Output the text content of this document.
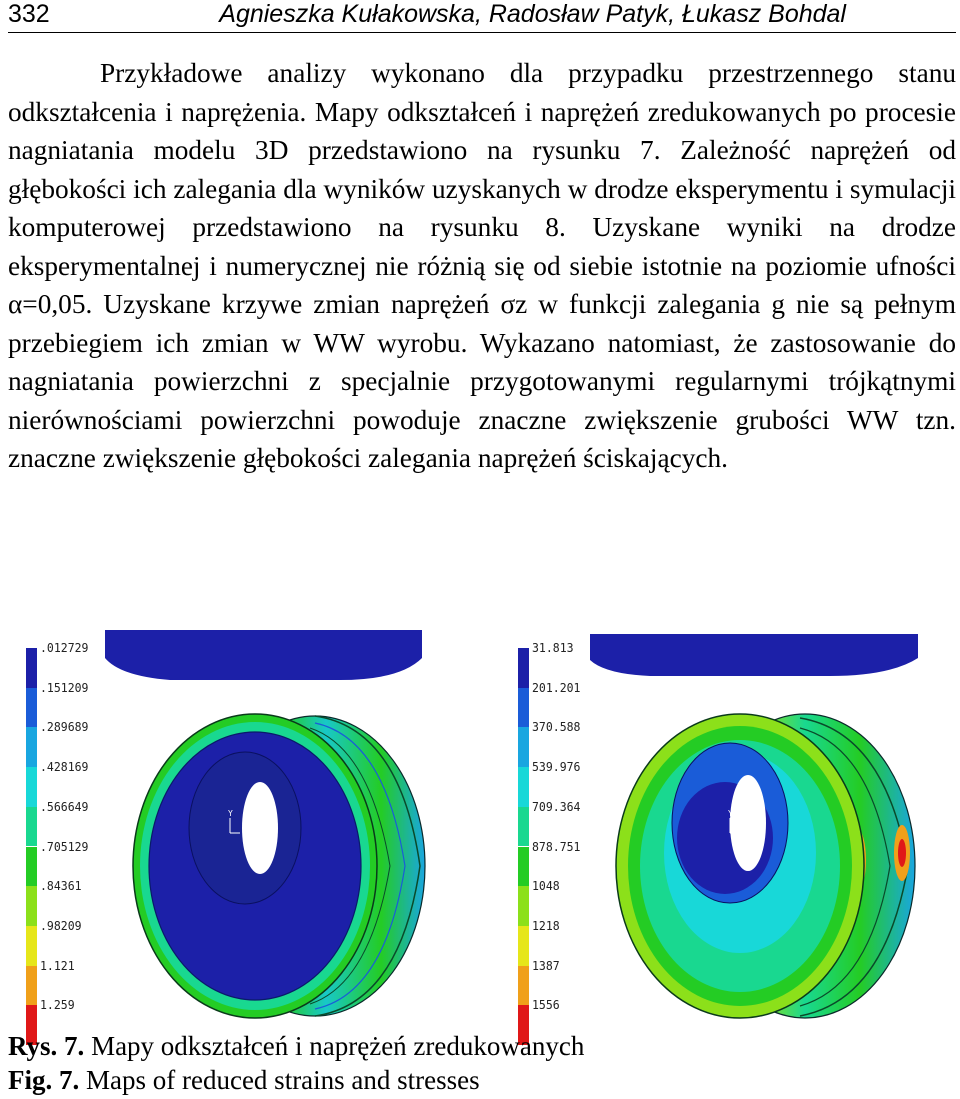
332	Agnieszka Kułakowska, Radosław Patyk, Łukasz Bohdal

Przykładowe analizy wykonano dla przypadku przestrzennego stanu odkształcenia i naprężenia. Mapy odkształceń i naprężeń zredukowanych po procesie nagniatania modelu 3D przedstawiono na rysunku 7. Zależność naprężeń od głębokości ich zalegania dla wyników uzyskanych w drodze eksperymentu i symulacji komputerowej przedstawiono na rysunku 8. Uzyskane wyniki na drodze eksperymentalnej i numerycznej nie różnią się od siebie istotnie na poziomie ufności α=0,05. Uzyskane krzywe zmian naprężeń σz w funkcji zalegania g nie są pełnym przebiegiem ich zmian w WW wyrobu. Wykazano natomiast, że zastosowanie do nagniatania powierzchni z specjalnie przygotowanymi regularnymi trójkątnymi nierównościami powierzchni powoduje znaczne zwiększenie grubości WW tzn. znaczne zwiększenie głębokości zalegania naprężeń ściskających.

.012729
.151209
.289689
.428169
.566649
.705129
.84361
.98209
1.121
1.259
31.813
201.201
370.588
539.976
709.364
878.751
1048
1218
1387
1556
Y
Z
Y
X
Rys. 7. Mapy odkształceń i naprężeń zredukowanych
Fig. 7. Maps of reduced strains and stresses
